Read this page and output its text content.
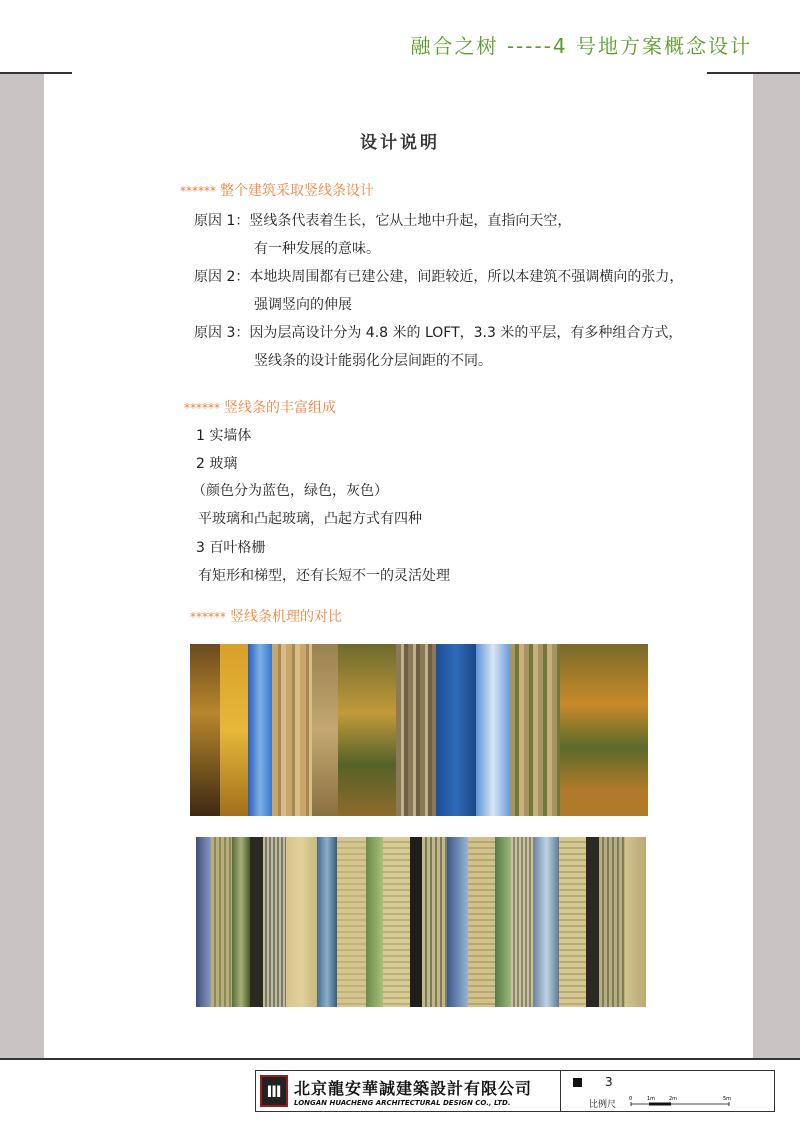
融合之树 -----4 号地方案概念设计
设计说明
****** 整个建筑采取竖线条设计
原因 1：竖线条代表着生长，它从土地中升起，直指向天空，
有一种发展的意味。
原因 2：本地块周围都有已建公建，间距较近，所以本建筑不强调横向的张力，
强调竖向的伸展
原因 3：因为层高设计分为 4.8 米的 LOFT，3.3 米的平层，有多种组合方式，
竖线条的设计能弱化分层间距的不同。
****** 竖线条的丰富组成
1 实墙体
2 玻璃
（颜色分为蓝色，绿色，灰色）
平玻璃和凸起玻璃，凸起方式有四种
3 百叶格栅
有矩形和梯型，还有长短不一的灵活处理
****** 竖线条机理的对比
Ⅲ 北京龍安華誠建築設計有限公司
LONGAN HUACHENG ARCHITECTURAL DESIGN CO., LTD.
3
比例尺
0	1m	2m	5m
